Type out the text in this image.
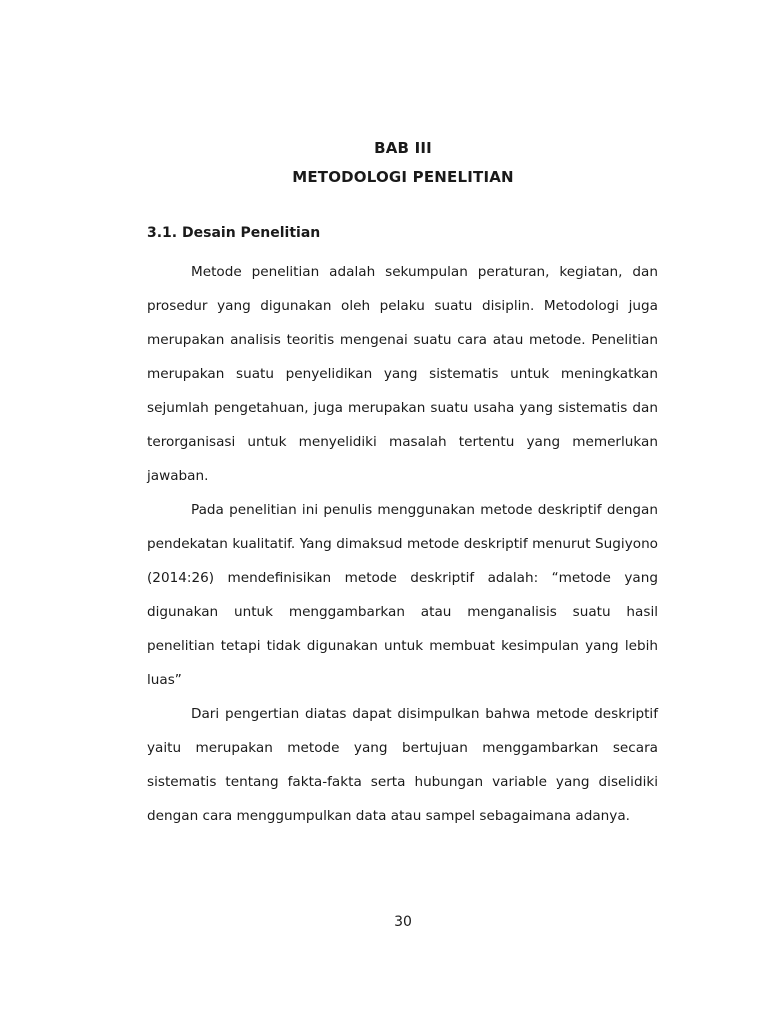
BAB III
METODOLOGI PENELITIAN
3.1. Desain Penelitian

Metode penelitian adalah sekumpulan peraturan, kegiatan, dan prosedur yang digunakan oleh pelaku suatu disiplin. Metodologi juga merupakan analisis teoritis mengenai suatu cara atau metode. Penelitian merupakan suatu penyelidikan yang sistematis untuk meningkatkan sejumlah pengetahuan, juga merupakan suatu usaha yang sistematis dan terorganisasi untuk menyelidiki masalah tertentu yang memerlukan jawaban.

Pada penelitian ini penulis menggunakan metode deskriptif dengan pendekatan kualitatif. Yang dimaksud metode deskriptif menurut Sugiyono (2014:26) mendefinisikan metode deskriptif adalah: “metode yang digunakan untuk menggambarkan atau menganalisis suatu hasil penelitian tetapi tidak digunakan untuk membuat kesimpulan yang lebih luas”

Dari pengertian diatas dapat disimpulkan bahwa metode deskriptif yaitu merupakan metode yang bertujuan menggambarkan secara sistematis tentang fakta-fakta serta hubungan variable yang diselidiki dengan cara menggumpulkan data atau sampel sebagaimana adanya.

30
